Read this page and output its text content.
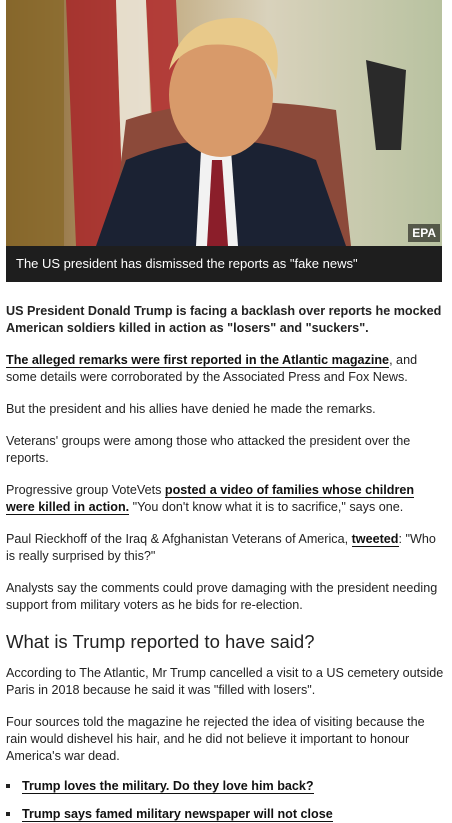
EPA
The US president has dismissed the reports as "fake news"

US President Donald Trump is facing a backlash over reports he mocked American soldiers killed in action as "losers" and "suckers".

The alleged remarks were first reported in the Atlantic magazine, and some details were corroborated by the Associated Press and Fox News.

But the president and his allies have denied he made the remarks.

Veterans' groups were among those who attacked the president over the reports.

Progressive group VoteVets posted a video of families whose children were killed in action. "You don't know what it is to sacrifice," says one.

Paul Rieckhoff of the Iraq & Afghanistan Veterans of America, tweeted: "Who is really surprised by this?"

Analysts say the comments could prove damaging with the president needing support from military voters as he bids for re-election.

What is Trump reported to have said?

According to The Atlantic, Mr Trump cancelled a visit to a US cemetery outside Paris in 2018 because he said it was "filled with losers".

Four sources told the magazine he rejected the idea of visiting because the rain would dishevel his hair, and he did not believe it important to honour America's war dead.

Trump loves the military. Do they love him back?
Trump says famed military newspaper will not close
